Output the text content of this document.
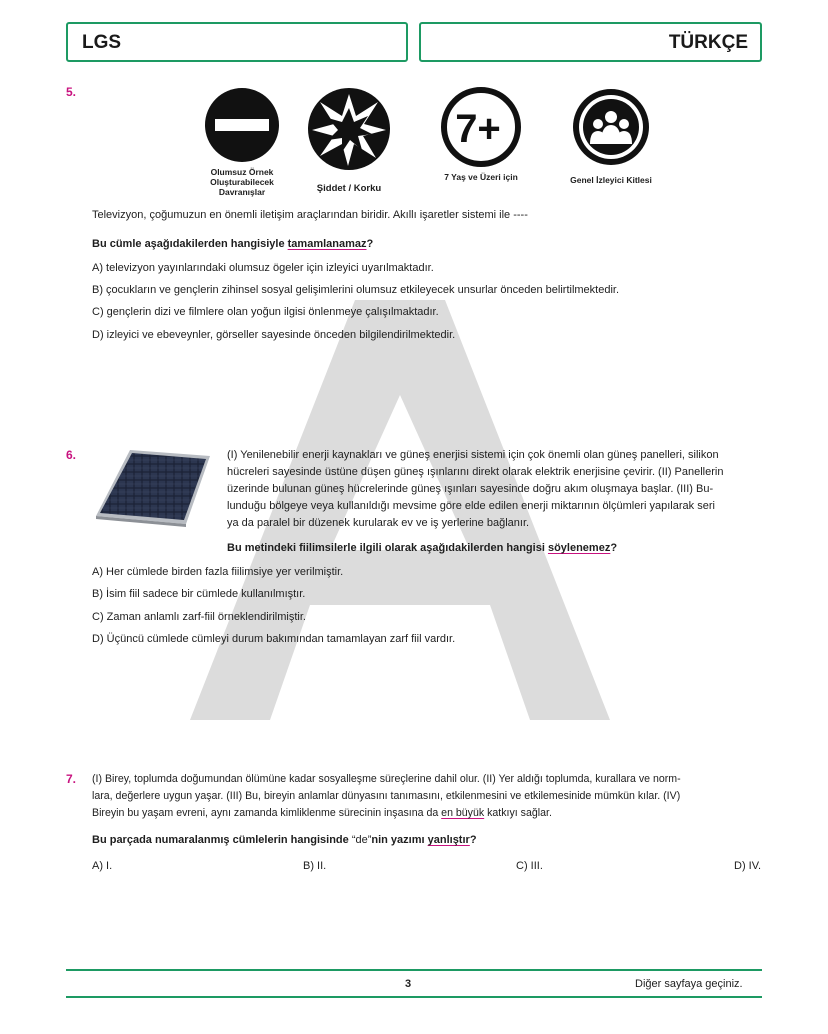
LGS	TÜRKÇE
5.
Olumsuz Örnek Oluşturabilecek Davranışlar	Şiddet / Korku
7+
7 Yaş ve Üzeri için	Genel İzleyici Kitlesi
Televizyon, çoğumuzun en önemli iletişim araçlarından biridir. Akıllı işaretler sistemi ile ----
Bu cümle aşağıdakilerden hangisiyle tamamlanamaz?
A) televizyon yayınlarındaki olumsuz ögeler için izleyici uyarılmaktadır.
B) çocukların ve gençlerin zihinsel sosyal gelişimlerini olumsuz etkileyecek unsurlar önceden belirtilmektedir.
C) gençlerin dizi ve filmlere olan yoğun ilgisi önlenmeye çalışılmaktadır.
D) izleyici ve ebeveynler, görseller sayesinde önceden bilgilendirilmektedir.
6.	(I) Yenilenebilir enerji kaynakları ve güneş enerjisi sistemi için çok önemli olan güneş panelleri, silikon
hücreleri sayesinde üstüne düşen güneş ışınlarını direkt olarak elektrik enerjisine çevirir. (II) Panellerin
üzerinde bulunan güneş hücrelerinde güneş ışınları sayesinde doğru akım oluşmaya başlar. (III) Bu-
lunduğu bölgeye veya kullanıldığı mevsime göre elde edilen enerji miktarının ölçümleri yapılarak seri
ya da paralel bir düzenek kurularak ev ve iş yerlerine bağlanır.
Bu metindeki fiilimsilerle ilgili olarak aşağıdakilerden hangisi söylenemez?
A) Her cümlede birden fazla fiilimsiye yer verilmiştir.
B) İsim fiil sadece bir cümlede kullanılmıştır.
C) Zaman anlamlı zarf-fiil örneklendirilmiştir.
D) Üçüncü cümlede cümleyi durum bakımından tamamlayan zarf fiil vardır.
7. (I) Birey, toplumda doğumundan ölümüne kadar sosyalleşme süreçlerine dahil olur. (II) Yer aldığı toplumda, kurallara ve norm-
lara, değerlere uygun yaşar. (III) Bu, bireyin anlamlar dünyasını tanımasını, etkilenmesini ve etkilemesinide mümkün kılar. (IV)
Bireyin bu yaşam evreni, aynı zamanda kimliklenme sürecinin inşasına da en büyük katkıyı sağlar.
Bu parçada numaralanmış cümlelerin hangisinde “de”nin yazımı yanlıştır?
A) I.	B) II.	C) III.	D) IV.
3	Diğer sayfaya geçiniz.
